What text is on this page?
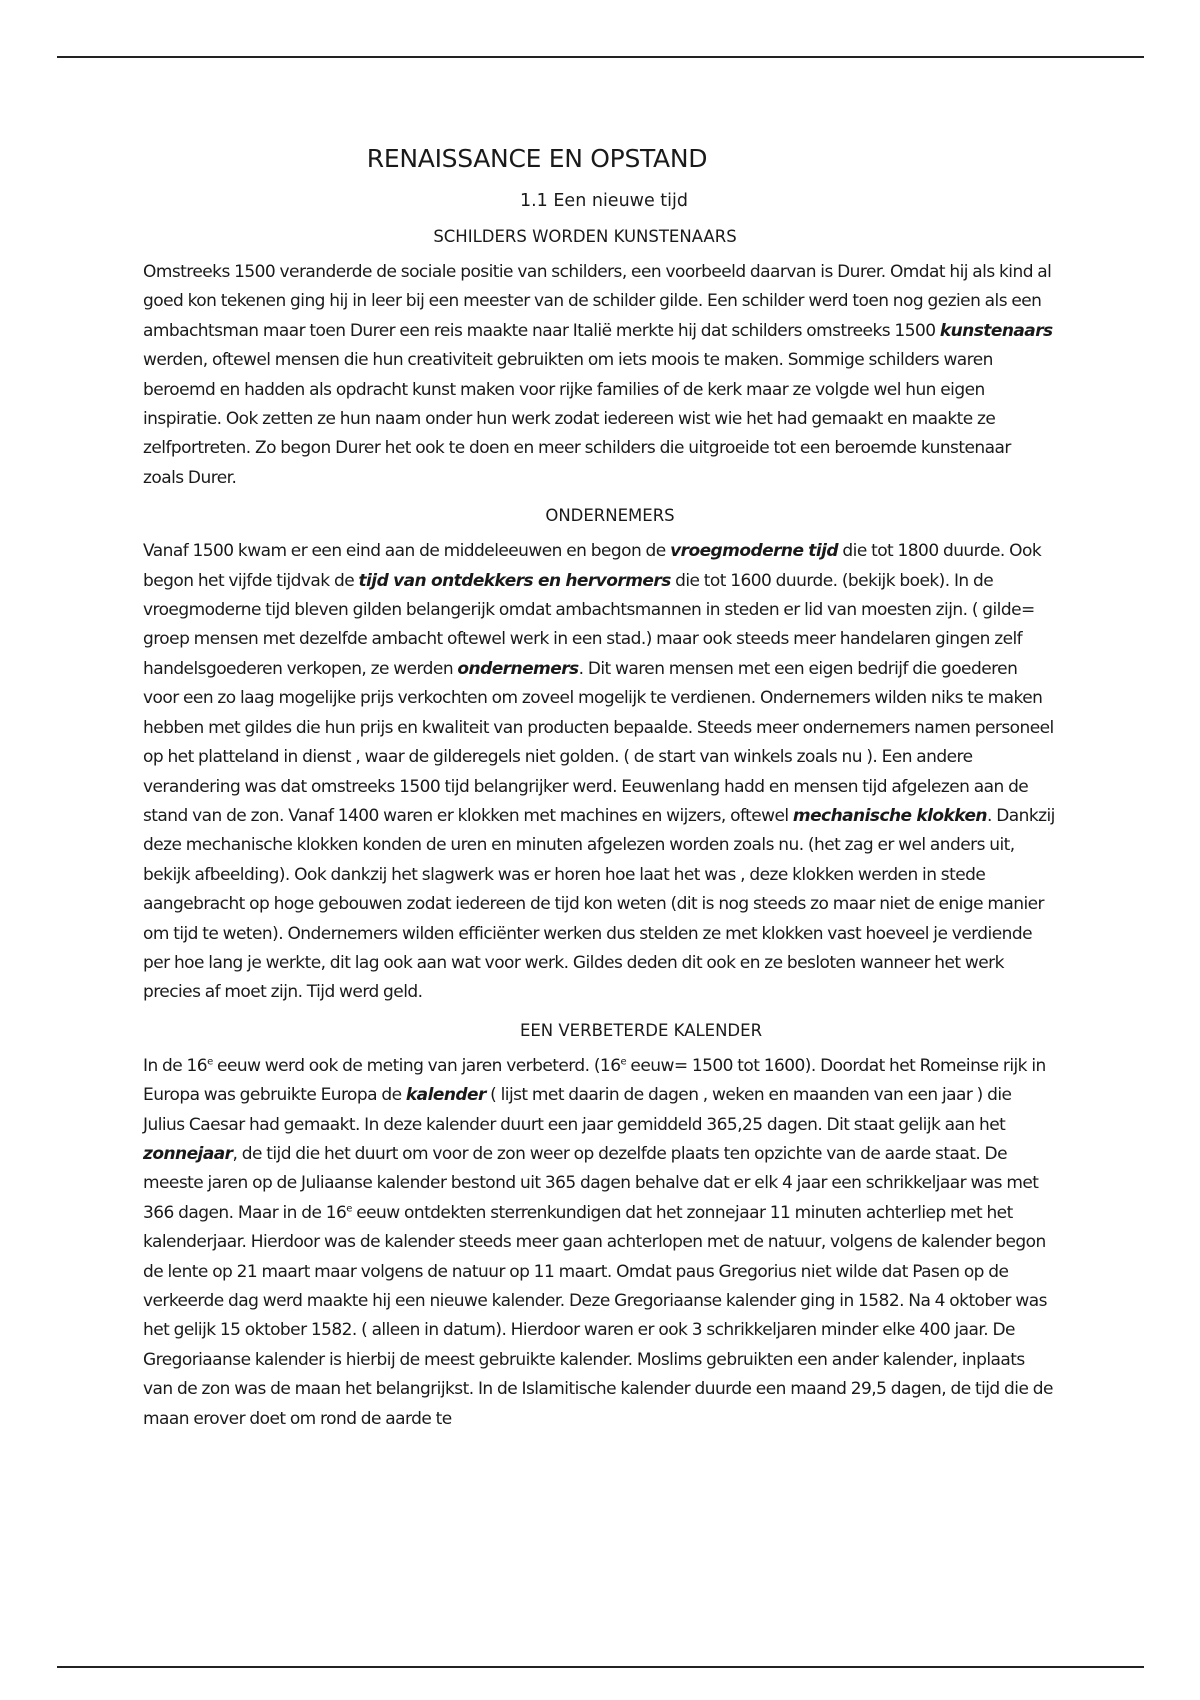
RENAISSANCE EN OPSTAND
1.1 Een nieuwe tijd
SCHILDERS WORDEN KUNSTENAARS

Omstreeks 1500 veranderde de sociale positie van schilders, een voorbeeld daarvan is Durer. Omdat hij als kind al goed kon tekenen ging hij in leer bij een meester van de schilder gilde. Een schilder werd toen nog gezien als een ambachtsman maar toen Durer een reis maakte naar Italië merkte hij dat schilders omstreeks 1500 kunstenaars werden, oftewel mensen die hun creativiteit gebruikten om iets moois te maken. Sommige schilders waren beroemd en hadden als opdracht kunst maken voor rijke families of de kerk maar ze volgde wel hun eigen inspiratie. Ook zetten ze hun naam onder hun werk zodat iedereen wist wie het had gemaakt en maakte ze zelfportreten. Zo begon Durer het ook te doen en meer schilders die uitgroeide tot een beroemde kunstenaar zoals Durer.

ONDERNEMERS

Vanaf 1500 kwam er een eind aan de middeleeuwen en begon de vroegmoderne tijd die tot 1800 duurde. Ook begon het vijfde tijdvak de tijd van ontdekkers en hervormers die tot 1600 duurde. (bekijk boek). In de vroegmoderne tijd bleven gilden belangerijk omdat ambachtsmannen in steden er lid van moesten zijn. ( gilde= groep mensen met dezelfde ambacht oftewel werk in een stad.) maar ook steeds meer handelaren gingen zelf handelsgoederen verkopen, ze werden ondernemers. Dit waren mensen met een eigen bedrijf die goederen voor een zo laag mogelijke prijs verkochten om zoveel mogelijk te verdienen. Ondernemers wilden niks te maken hebben met gildes die hun prijs en kwaliteit van producten bepaalde. Steeds meer ondernemers namen personeel op het platteland in dienst , waar de gilderegels niet golden. ( de start van winkels zoals nu ). Een andere verandering was dat omstreeks 1500 tijd belangrijker werd. Eeuwenlang hadd en mensen tijd afgelezen aan de stand van de zon. Vanaf 1400 waren er klokken met machines en wijzers, oftewel mechanische klokken. Dankzij deze mechanische klokken konden de uren en minuten afgelezen worden zoals nu. (het zag er wel anders uit, bekijk afbeelding). Ook dankzij het slagwerk was er horen hoe laat het was , deze klokken werden in stede aangebracht op hoge gebouwen zodat iedereen de tijd kon weten (dit is nog steeds zo maar niet de enige manier om tijd te weten). Ondernemers wilden efficiënter werken dus stelden ze met klokken vast hoeveel je verdiende per hoe lang je werkte, dit lag ook aan wat voor werk. Gildes deden dit ook en ze besloten wanneer het werk precies af moet zijn. Tijd werd geld.

EEN VERBETERDE KALENDER

In de 16e eeuw werd ook de meting van jaren verbeterd. (16e eeuw= 1500 tot 1600). Doordat het Romeinse rijk in Europa was gebruikte Europa de kalender ( lijst met daarin de dagen , weken en maanden van een jaar ) die Julius Caesar had gemaakt. In deze kalender duurt een jaar gemiddeld 365,25 dagen. Dit staat gelijk aan het zonnejaar, de tijd die het duurt om voor de zon weer op dezelfde plaats ten opzichte van de aarde staat. De meeste jaren op de Juliaanse kalender bestond uit 365 dagen behalve dat er elk 4 jaar een schrikkeljaar was met 366 dagen. Maar in de 16e eeuw ontdekten sterrenkundigen dat het zonnejaar 11 minuten achterliep met het kalenderjaar. Hierdoor was de kalender steeds meer gaan achterlopen met de natuur, volgens de kalender begon de lente op 21 maart maar volgens de natuur op 11 maart. Omdat paus Gregorius niet wilde dat Pasen op de verkeerde dag werd maakte hij een nieuwe kalender. Deze Gregoriaanse kalender ging in 1582. Na 4 oktober was het gelijk 15 oktober 1582. ( alleen in datum). Hierdoor waren er ook 3 schrikkeljaren minder elke 400 jaar. De Gregoriaanse kalender is hierbij de meest gebruikte kalender. Moslims gebruikten een ander kalender, inplaats van de zon was de maan het belangrijkst. In de Islamitische kalender duurde een maand 29,5 dagen, de tijd die de maan erover doet om rond de aarde te
